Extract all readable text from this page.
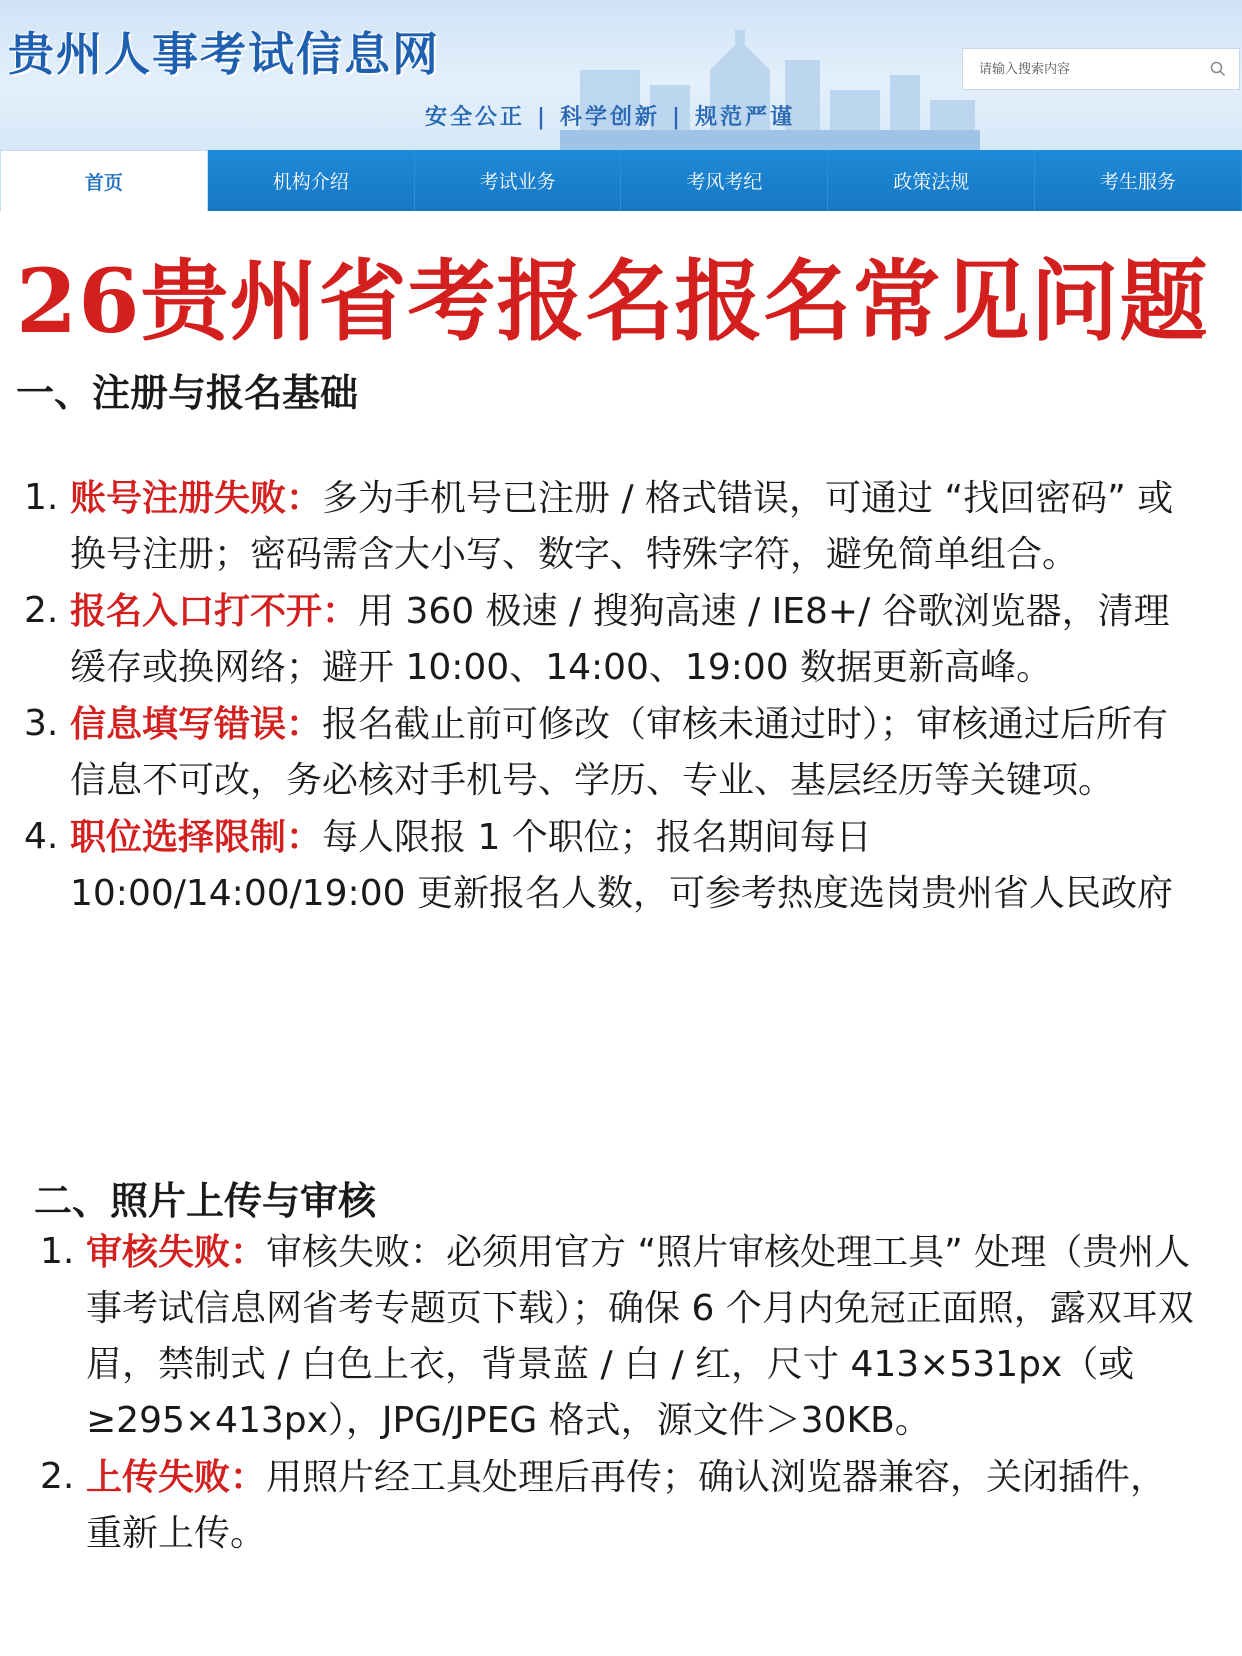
贵州人事考试信息网
安全公正 | 科学创新 | 规范严谨
请输入搜索内容
首页	机构介绍	考试业务	考风考纪	政策法规	考生服务
26贵州省考报名报名常见问题
一、注册与报名基础
1. 账号注册失败：多为手机号已注册 / 格式错误，可通过 “找回密码” 或换号注册；密码需含大小写、数字、特殊字符，避免简单组合。
2. 报名入口打不开：用 360 极速 / 搜狗高速 / IE8+/ 谷歌浏览器，清理缓存或换网络；避开 10:00、14:00、19:00 数据更新高峰。
3. 信息填写错误：报名截止前可修改（审核未通过时）；审核通过后所有信息不可改，务必核对手机号、学历、专业、基层经历等关键项。
4. 职位选择限制：每人限报 1 个职位；报名期间每日 10:00/14:00/19:00 更新报名人数，可参考热度选岗贵州省人民政府
二、照片上传与审核
1. 审核失败：审核失败：必须用官方 “照片审核处理工具” 处理（贵州人事考试信息网省考专题页下载）；确保 6 个月内免冠正面照，露双耳双眉，禁制式 / 白色上衣，背景蓝 / 白 / 红，尺寸 413×531px（或≥295×413px），JPG/JPEG 格式，源文件＞30KB。
2. 上传失败：用照片经工具处理后再传；确认浏览器兼容，关闭插件，重新上传。
